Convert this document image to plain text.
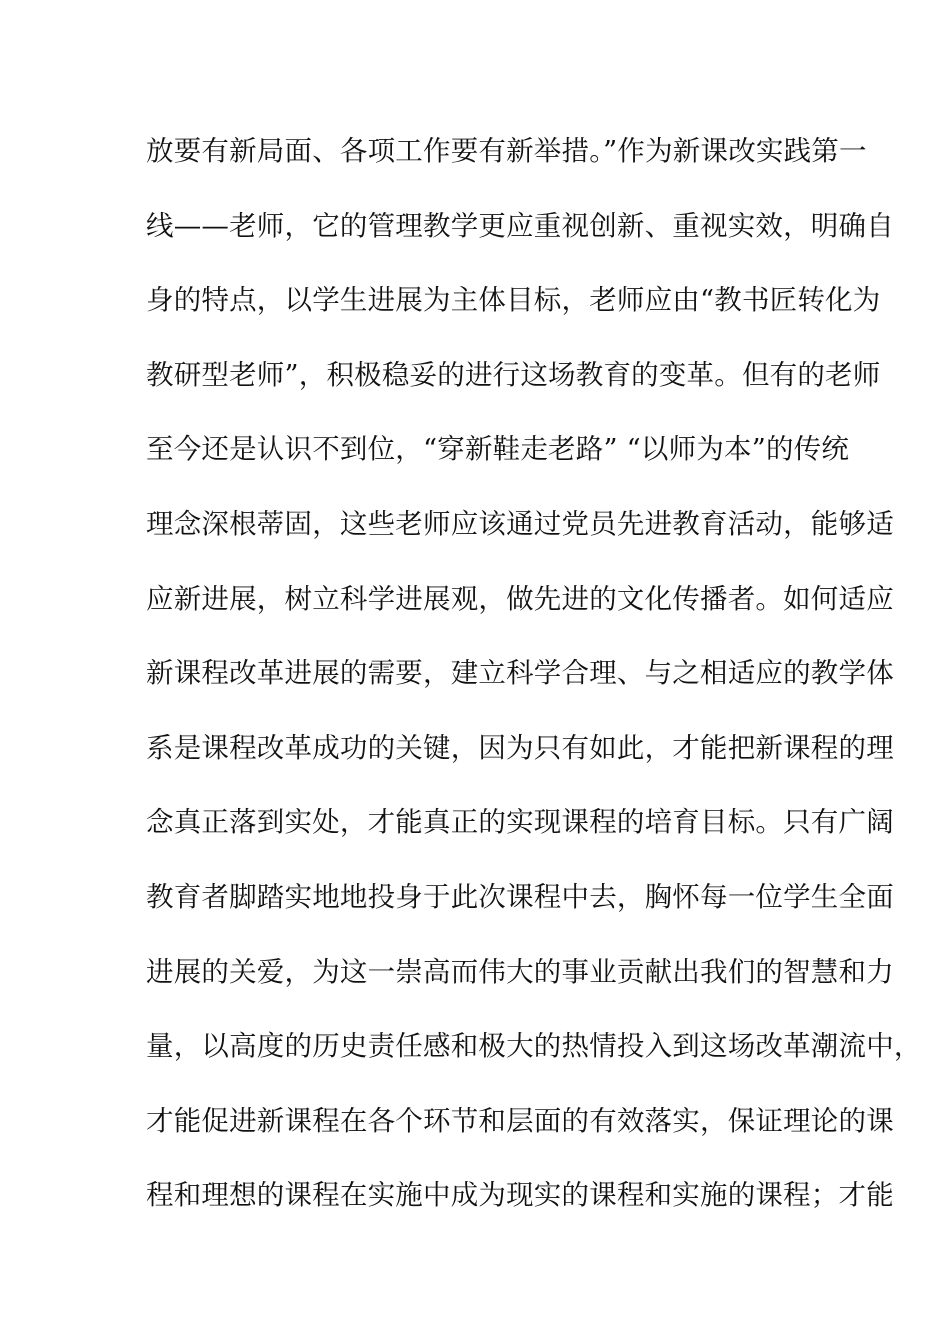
放要有新局面、各项工作要有新举措。”作为新课改实践第一
线——老师，它的管理教学更应重视创新、重视实效，明确自
身的特点，以学生进展为主体目标，老师应由“教书匠转化为
教研型老师”，积极稳妥的进行这场教育的变革。但有的老师
至今还是认识不到位，“穿新鞋走老路” “以师为本”的传统
理念深根蒂固，这些老师应该通过党员先进教育活动，能够适
应新进展，树立科学进展观，做先进的文化传播者。如何适应
新课程改革进展的需要，建立科学合理、与之相适应的教学体
系是课程改革成功的关键，因为只有如此，才能把新课程的理
念真正落到实处，才能真正的实现课程的培育目标。只有广阔
教育者脚踏实地地投身于此次课程中去，胸怀每一位学生全面
进展的关爱，为这一崇高而伟大的事业贡献出我们的智慧和力
量，以高度的历史责任感和极大的热情投入到这场改革潮流中，
才能促进新课程在各个环节和层面的有效落实，保证理论的课
程和理想的课程在实施中成为现实的课程和实施的课程；才能
